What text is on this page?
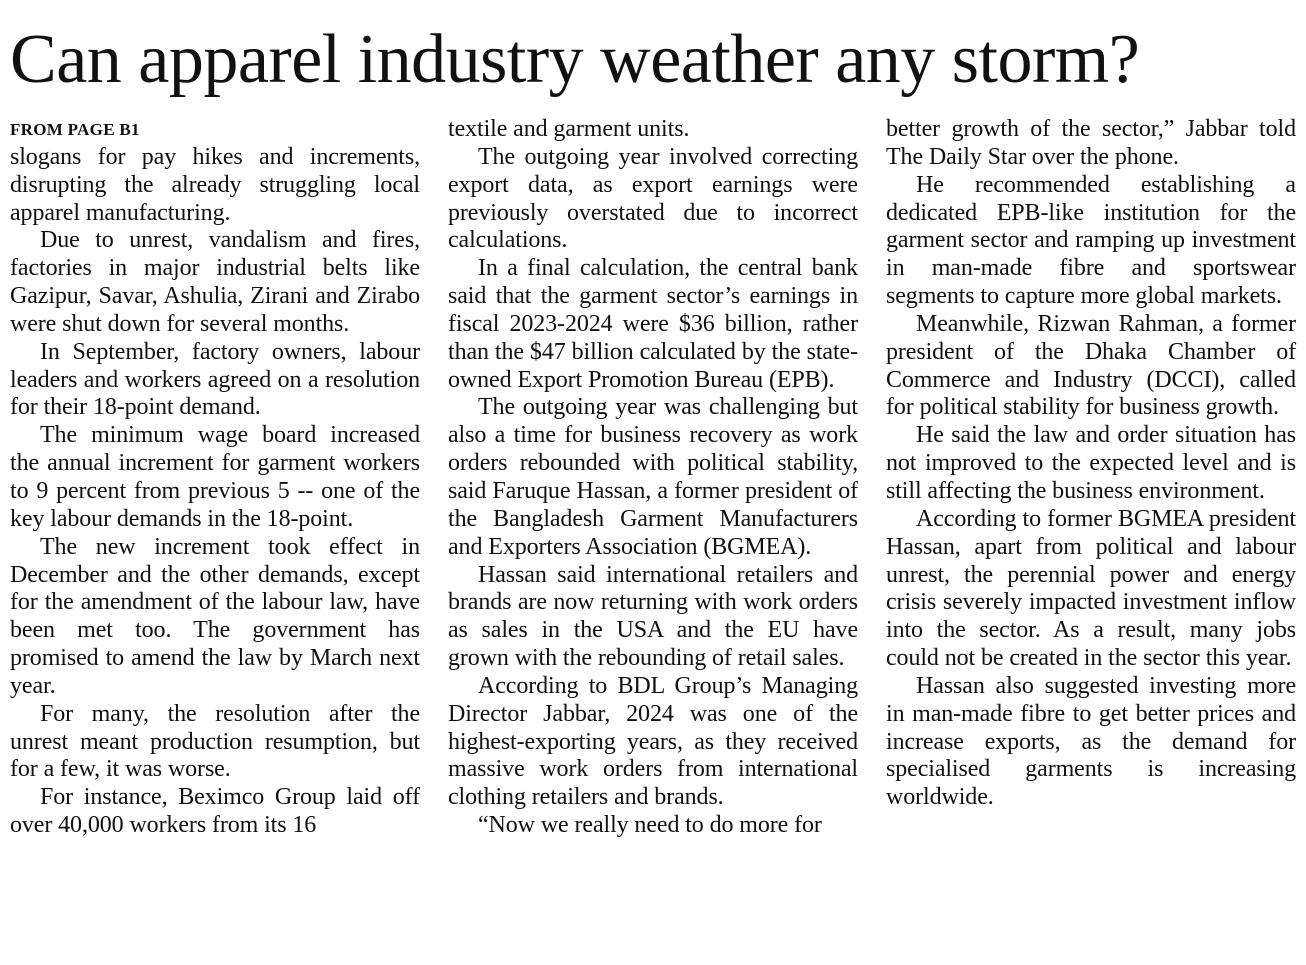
Can apparel industry weather any storm?
FROM PAGE B1

slogans for pay hikes and increments, disrupting the already struggling local apparel manufacturing.

Due to unrest, vandalism and fires, factories in major industrial belts like Gazipur, Savar, Ashulia, Zirani and Zirabo were shut down for several months.

In September, factory owners, labour leaders and workers agreed on a resolution for their 18-point demand.

The minimum wage board increased the annual increment for garment workers to 9 percent from previous 5 -- one of the key labour demands in the 18-point.

The new increment took effect in December and the other demands, except for the amendment of the labour law, have been met too. The government has promised to amend the law by March next year.

For many, the resolution after the unrest meant production resumption, but for a few, it was worse.

For instance, Beximco Group laid off over 40,000 workers from its 16

textile and garment units.

The outgoing year involved correcting export data, as export earnings were previously overstated due to incorrect calculations.

In a final calculation, the central bank said that the garment sector’s earnings in fiscal 2023-2024 were $36 billion, rather than the $47 billion calculated by the state-owned Export Promotion Bureau (EPB).

The outgoing year was challenging but also a time for business recovery as work orders rebounded with political stability, said Faruque Hassan, a former president of the Bangladesh Garment Manufacturers and Exporters Association (BGMEA).

Hassan said international retailers and brands are now returning with work orders as sales in the USA and the EU have grown with the rebounding of retail sales.

According to BDL Group’s Managing Director Jabbar, 2024 was one of the highest-exporting years, as they received massive work orders from international clothing retailers and brands.

“Now we really need to do more for

better growth of the sector,” Jabbar told The Daily Star over the phone.

He recommended establishing a dedicated EPB-like institution for the garment sector and ramping up investment in man-made fibre and sportswear segments to capture more global markets.

Meanwhile, Rizwan Rahman, a former president of the Dhaka Chamber of Commerce and Industry (DCCI), called for political stability for business growth.

He said the law and order situation has not improved to the expected level and is still affecting the business environment.

According to former BGMEA president Hassan, apart from political and labour unrest, the perennial power and energy crisis severely impacted investment inflow into the sector. As a result, many jobs could not be created in the sector this year.

Hassan also suggested investing more in man-made fibre to get better prices and increase exports, as the demand for specialised garments is increasing worldwide.
